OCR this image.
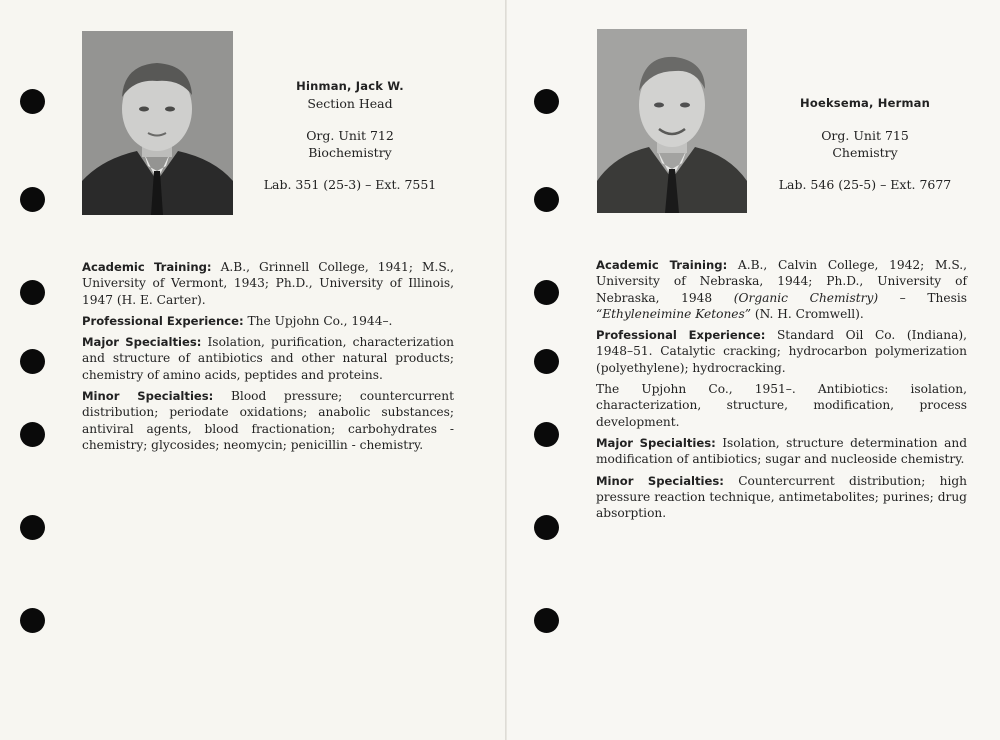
Hinman, Jack W.
Section Head
Org. Unit 712
Biochemistry
Lab. 351 (25-3) – Ext. 7551

Academic Training: A.B., Grinnell College, 1941; M.S., University of Vermont, 1943; Ph.D., University of Illinois, 1947 (H. E. Carter).

Professional Experience: The Upjohn Co., 1944–.

Major Specialties: Isolation, purification, characterization and structure of antibiotics and other natural products; chemistry of amino acids, peptides and proteins.

Minor Specialties: Blood pressure; countercurrent distribution; periodate oxidations; anabolic substances; antiviral agents, blood fractionation; carbohydrates - chemistry; glycosides; neomycin; penicillin - chemistry.

Hoeksema, Herman
Org. Unit 715
Chemistry
Lab. 546 (25-5) – Ext. 7677

Academic Training: A.B., Calvin College, 1942; M.S., University of Nebraska, 1944; Ph.D., University of Nebraska, 1948 (Organic Chemistry) – Thesis “Ethyleneimine Ketones” (N. H. Cromwell).

Professional Experience: Standard Oil Co. (Indiana), 1948–51. Catalytic cracking; hydrocarbon polymerization (polyethylene); hydrocracking.

The Upjohn Co., 1951–. Antibiotics: isolation, characterization, structure, modification, process development.

Major Specialties: Isolation, structure determination and modification of antibiotics; sugar and nucleoside chemistry.

Minor Specialties: Countercurrent distribution; high pressure reaction technique, antimetabolites; purines; drug absorption.
